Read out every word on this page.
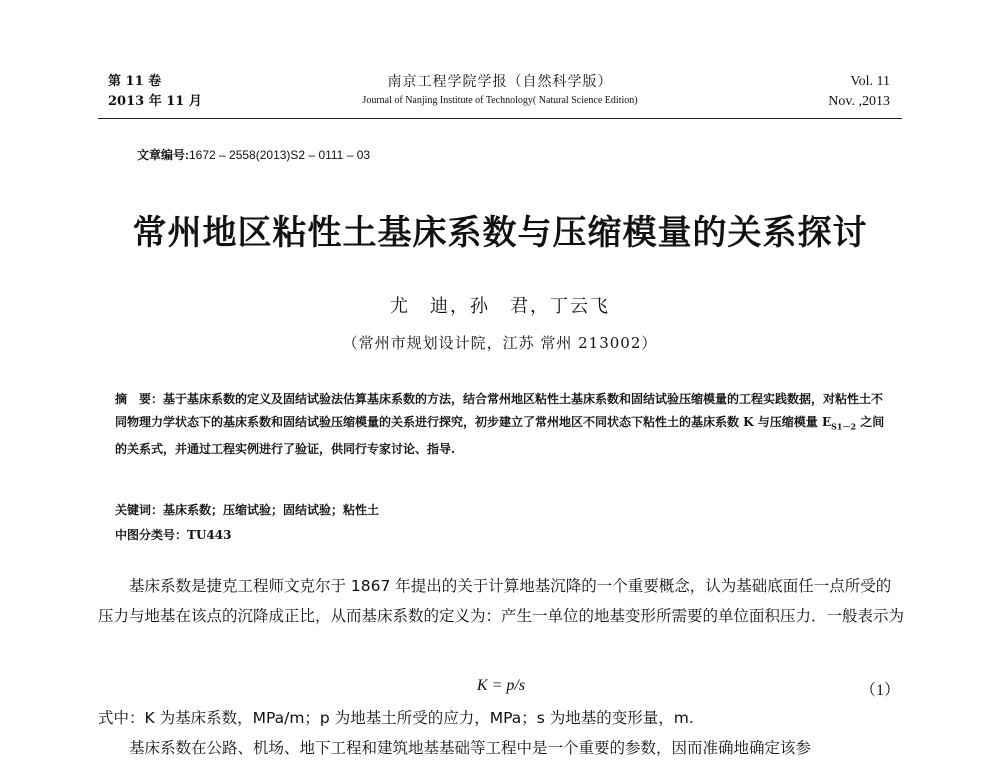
第 11 卷
2013 年 11 月
南京工程学院学报（自然科学版）
Journal of Nanjing Institute of Technology( Natural Science Edition)
Vol. 11
Nov. ,2013
文章编号:1672 – 2558(2013)S2 – 0111 – 03
常州地区粘性土基床系数与压缩模量的关系探讨
尤　迪，孙　君，丁云飞
（常州市规划设计院，江苏 常州 213002）
摘　要：基于基床系数的定义及固结试验法估算基床系数的方法，结合常州地区粘性土基床系数和固结试验压缩模量的工程实践数据，对粘性土不同物理力学状态下的基床系数和固结试验压缩模量的关系进行探究，初步建立了常州地区不同状态下粘性土的基床系数 K 与压缩模量 $E_{S1-2}$ 之间的关系式，并通过工程实例进行了验证，供同行专家讨论、指导.
关键词：基床系数；压缩试验；固结试验；粘性土
中图分类号：TU443
基床系数是捷克工程师文克尔于 1867 年提出的关于计算地基沉降的一个重要概念，认为基础底面任一点所受的压力与地基在该点的沉降成正比，从而基床系数的定义为：产生一单位的地基变形所需要的单位面积压力．一般表示为
K = p/s	（1）
式中：K 为基床系数，MPa/m；p 为地基土所受的应力，MPa；s 为地基的变形量，m.
基床系数在公路、机场、地下工程和建筑地基基础等工程中是一个重要的参数，因而准确地确定该参
